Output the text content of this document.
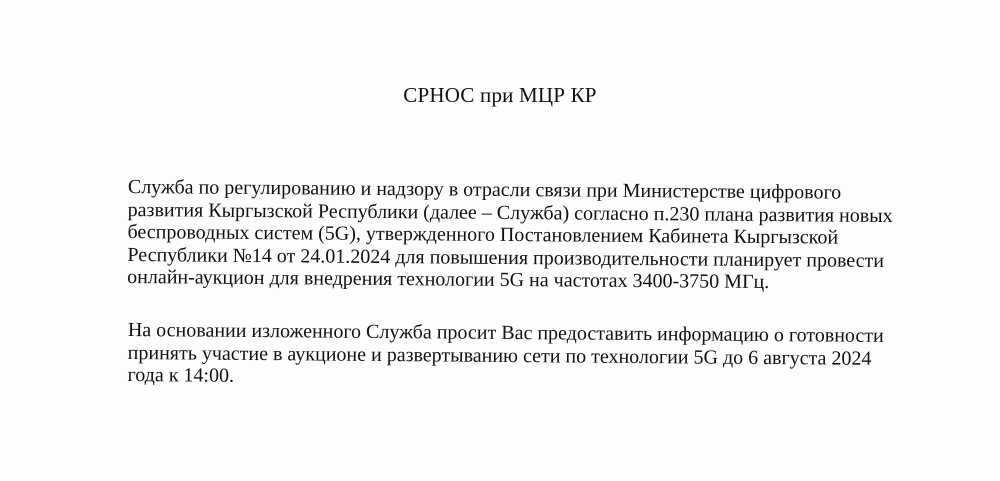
СРНОС при МЦР КР
Служба по регулированию и надзору в отрасли связи при Министерстве цифрового
развития Кыргызской Республики (далее – Служба) согласно п.230 плана развития новых
беспроводных систем (5G), утвержденного Постановлением Кабинета Кыргызской
Республики №14 от 24.01.2024 для повышения производительности планирует провести
онлайн-аукцион для внедрения технологии 5G на частотах 3400-3750 МГц.
На основании изложенного Служба просит Вас предоставить информацию о готовности
принять участие в аукционе и развертыванию сети по технологии 5G до 6 августа 2024
года к 14:00.
